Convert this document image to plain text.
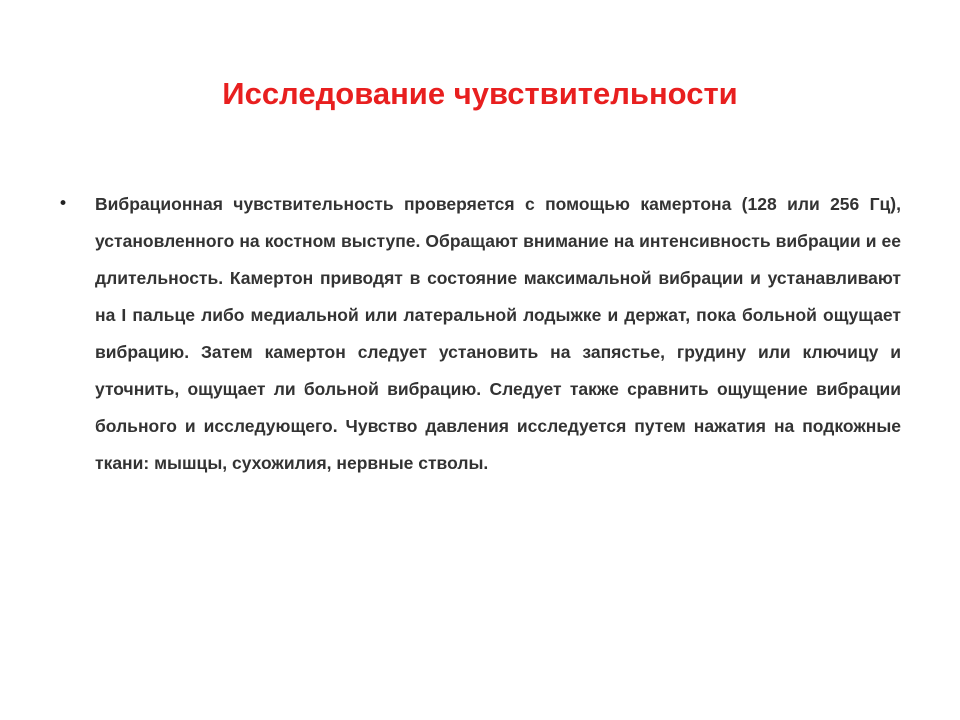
Исследование чувствительности
• Вибрационная чувствительность проверяется с помощью камертона (128 или 256 Гц), установленного на костном выступе. Обращают внимание на интенсивность вибрации и ее длительность. Камертон приводят в состояние максимальной вибрации и устанавливают на I пальце либо медиальной или латеральной лодыжке и держат, пока больной ощущает вибрацию. Затем камертон следует установить на запястье, грудину или ключицу и уточнить, ощущает ли больной вибрацию. Следует также сравнить ощущение вибрации больного и исследующего. Чувство давления исследуется путем нажатия на подкожные ткани: мышцы, сухожилия, нервные стволы.
